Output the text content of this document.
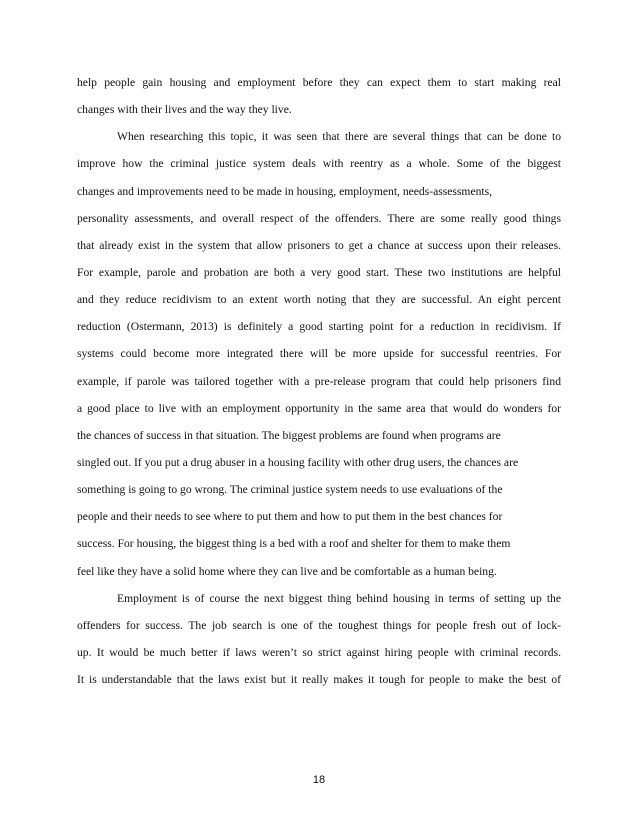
help people gain housing and employment before they can expect them to start making real
changes with their lives and the way they live.
When researching this topic, it was seen that there are several things that can be done to
improve how the criminal justice system deals with reentry as a whole. Some of the biggest
changes and improvements need to be made in housing, employment, needs-assessments,
personality assessments, and overall respect of the offenders. There are some really good things
that already exist in the system that allow prisoners to get a chance at success upon their releases.
For example, parole and probation are both a very good start. These two institutions are helpful
and they reduce recidivism to an extent worth noting that they are successful. An eight percent
reduction (Ostermann, 2013) is definitely a good starting point for a reduction in recidivism. If
systems could become more integrated there will be more upside for successful reentries. For
example, if parole was tailored together with a pre-release program that could help prisoners find
a good place to live with an employment opportunity in the same area that would do wonders for
the chances of success in that situation. The biggest problems are found when programs are
singled out. If you put a drug abuser in a housing facility with other drug users, the chances are
something is going to go wrong. The criminal justice system needs to use evaluations of the
people and their needs to see where to put them and how to put them in the best chances for
success. For housing, the biggest thing is a bed with a roof and shelter for them to make them
feel like they have a solid home where they can live and be comfortable as a human being.
Employment is of course the next biggest thing behind housing in terms of setting up the
offenders for success. The job search is one of the toughest things for people fresh out of lock-
up. It would be much better if laws weren’t so strict against hiring people with criminal records.
It is understandable that the laws exist but it really makes it tough for people to make the best of
18
